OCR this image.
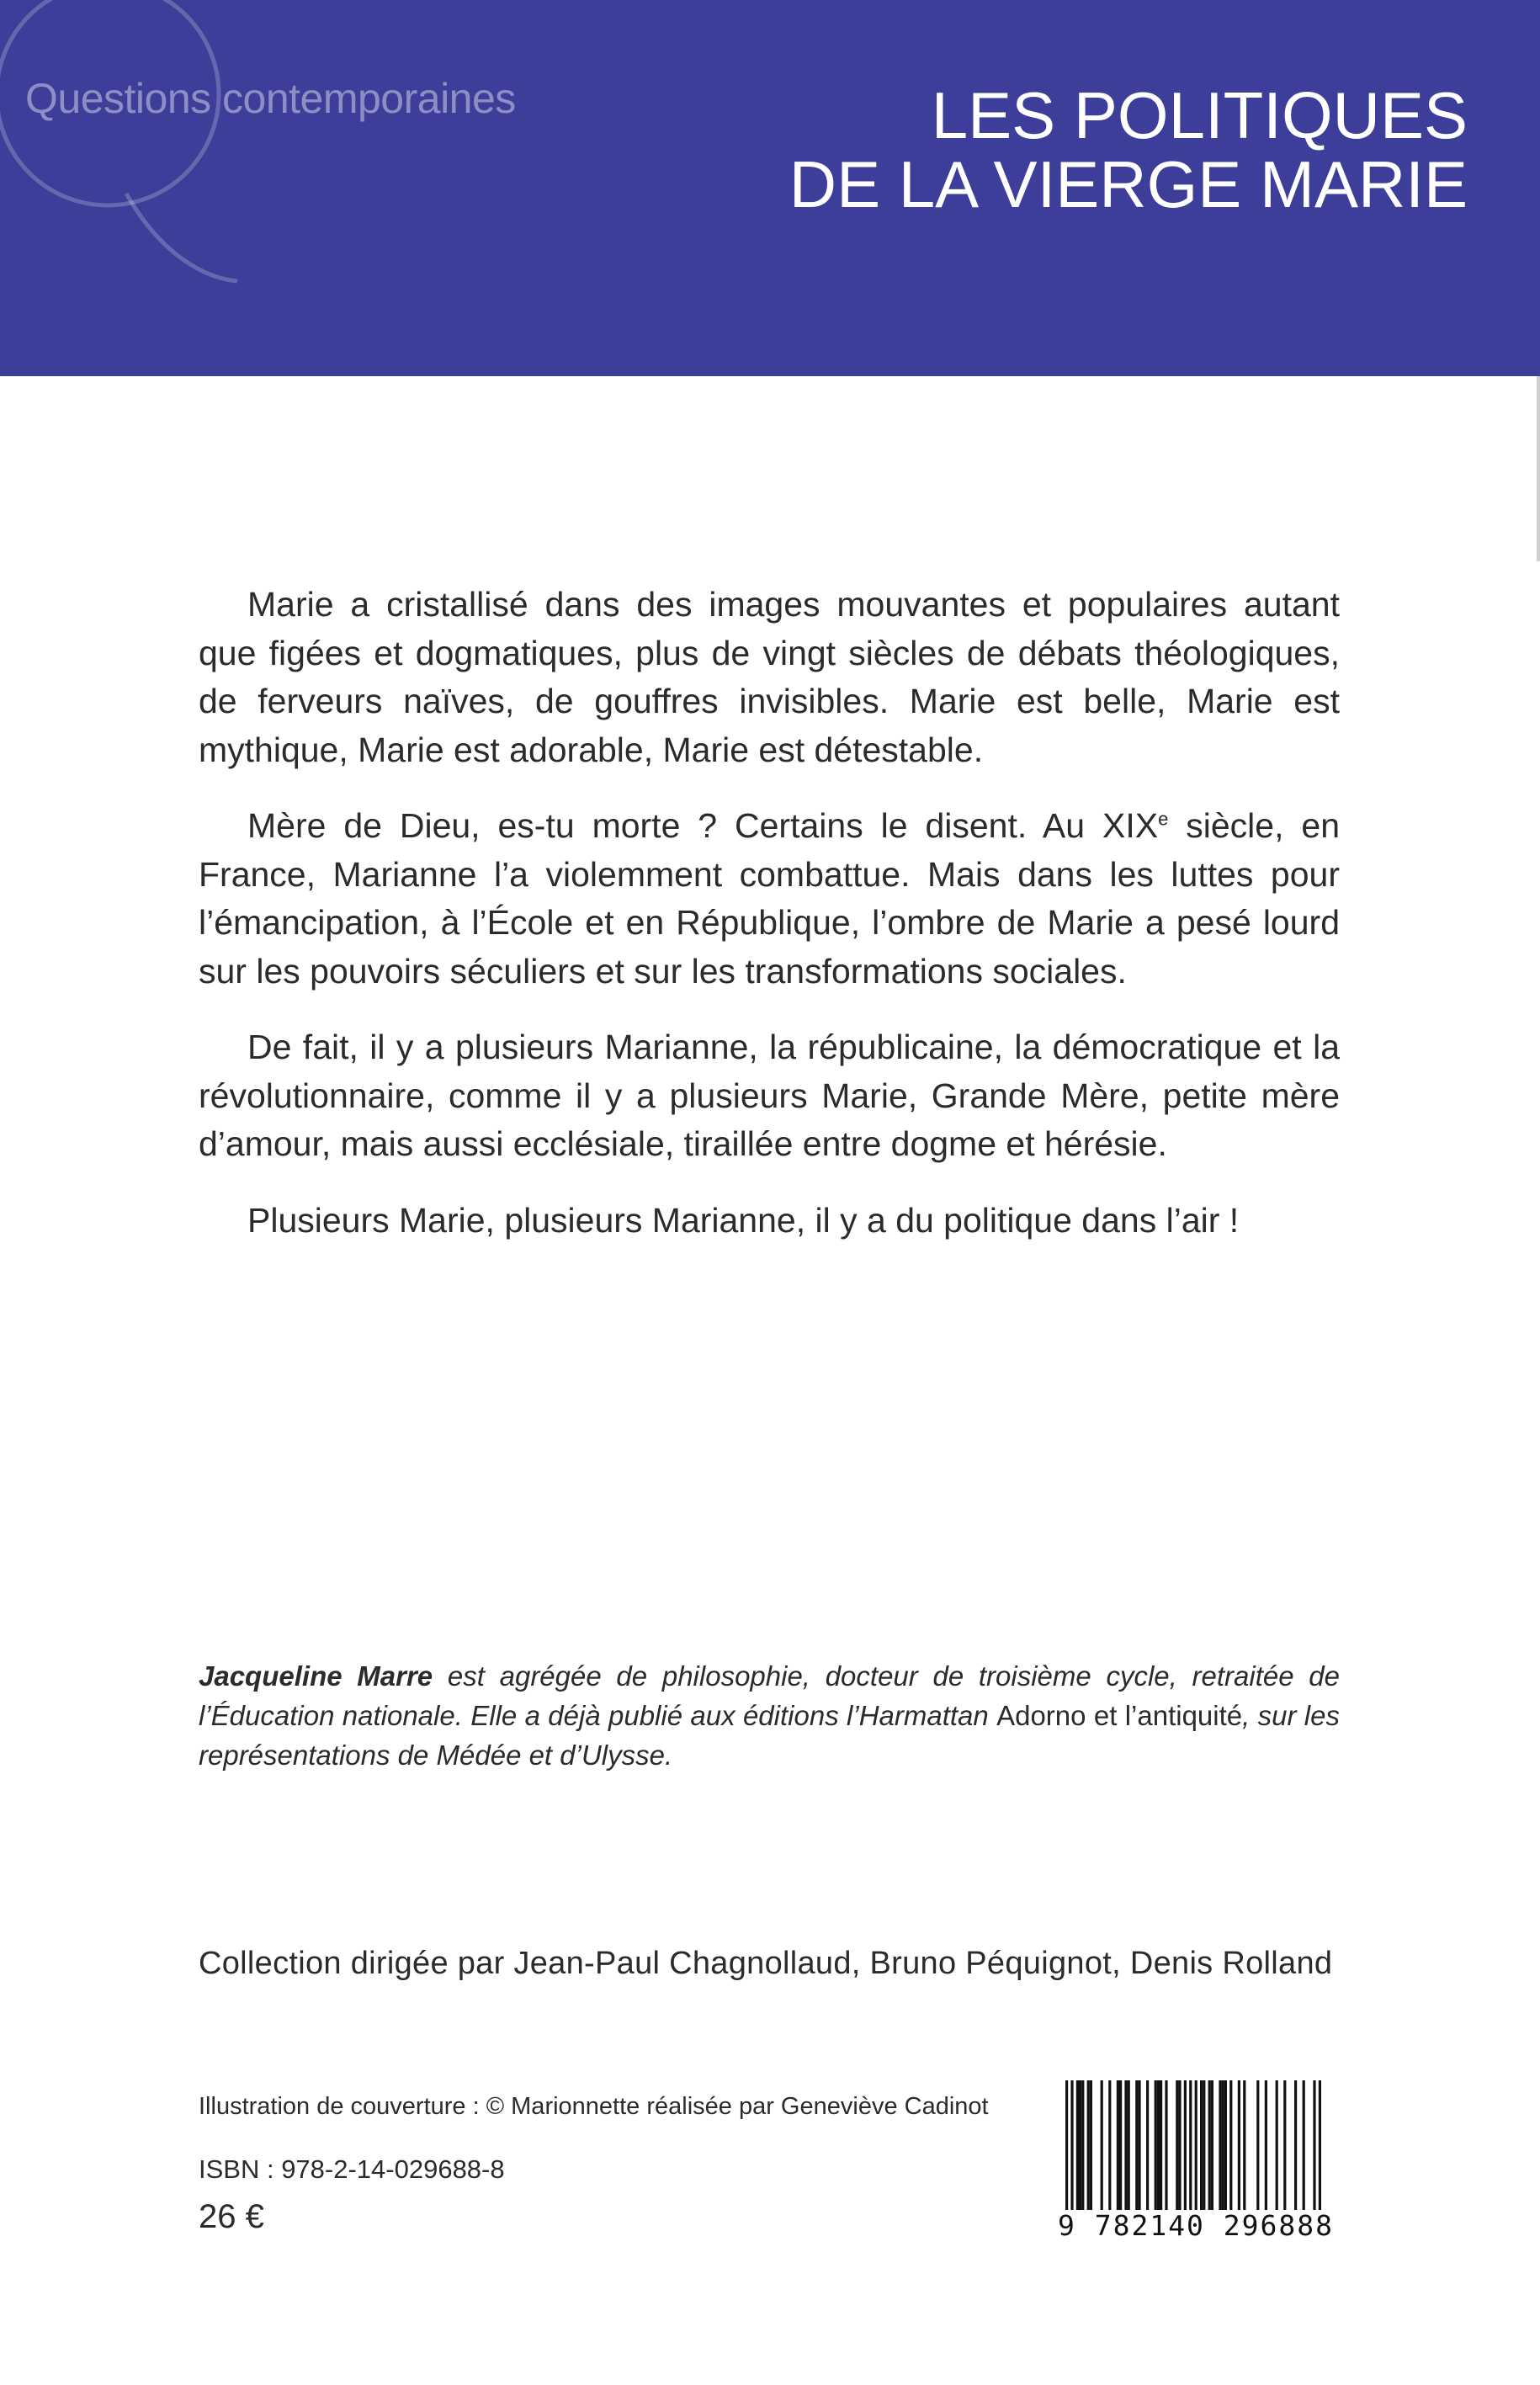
Questions contemporaines	LES POLITIQUES
DE LA VIERGE MARIE

Marie a cristallisé dans des images mouvantes et populaires autant que figées et dogmatiques, plus de vingt siècles de débats théologiques, de ferveurs naïves, de gouffres invisibles. Marie est belle, Marie est mythique, Marie est adorable, Marie est détestable.

Mère de Dieu, es-tu morte ? Certains le disent. Au XIXe siècle, en France, Marianne l’a violemment combattue. Mais dans les luttes pour l’émancipation, à l’École et en République, l’ombre de Marie a pesé lourd sur les pouvoirs séculiers et sur les transformations sociales.

De fait, il y a plusieurs Marianne, la républicaine, la démocratique et la révolutionnaire, comme il y a plusieurs Marie, Grande Mère, petite mère d’amour, mais aussi ecclésiale, tiraillée entre dogme et hérésie.

Plusieurs Marie, plusieurs Marianne, il y a du politique dans l’air !

Jacqueline Marre est agrégée de philosophie, docteur de troisième cycle, retraitée de l’Éducation nationale. Elle a déjà publié aux éditions l’Harmattan Adorno et l’antiquité, sur les représentations de Médée et d’Ulysse.
Collection dirigée par Jean-Paul Chagnollaud, Bruno Péquignot, Denis Rolland
Illustration de couverture : © Marionnette réalisée par Geneviève Cadinot
ISBN : 978-2-14-029688-8
26 €	9 782140 296888
